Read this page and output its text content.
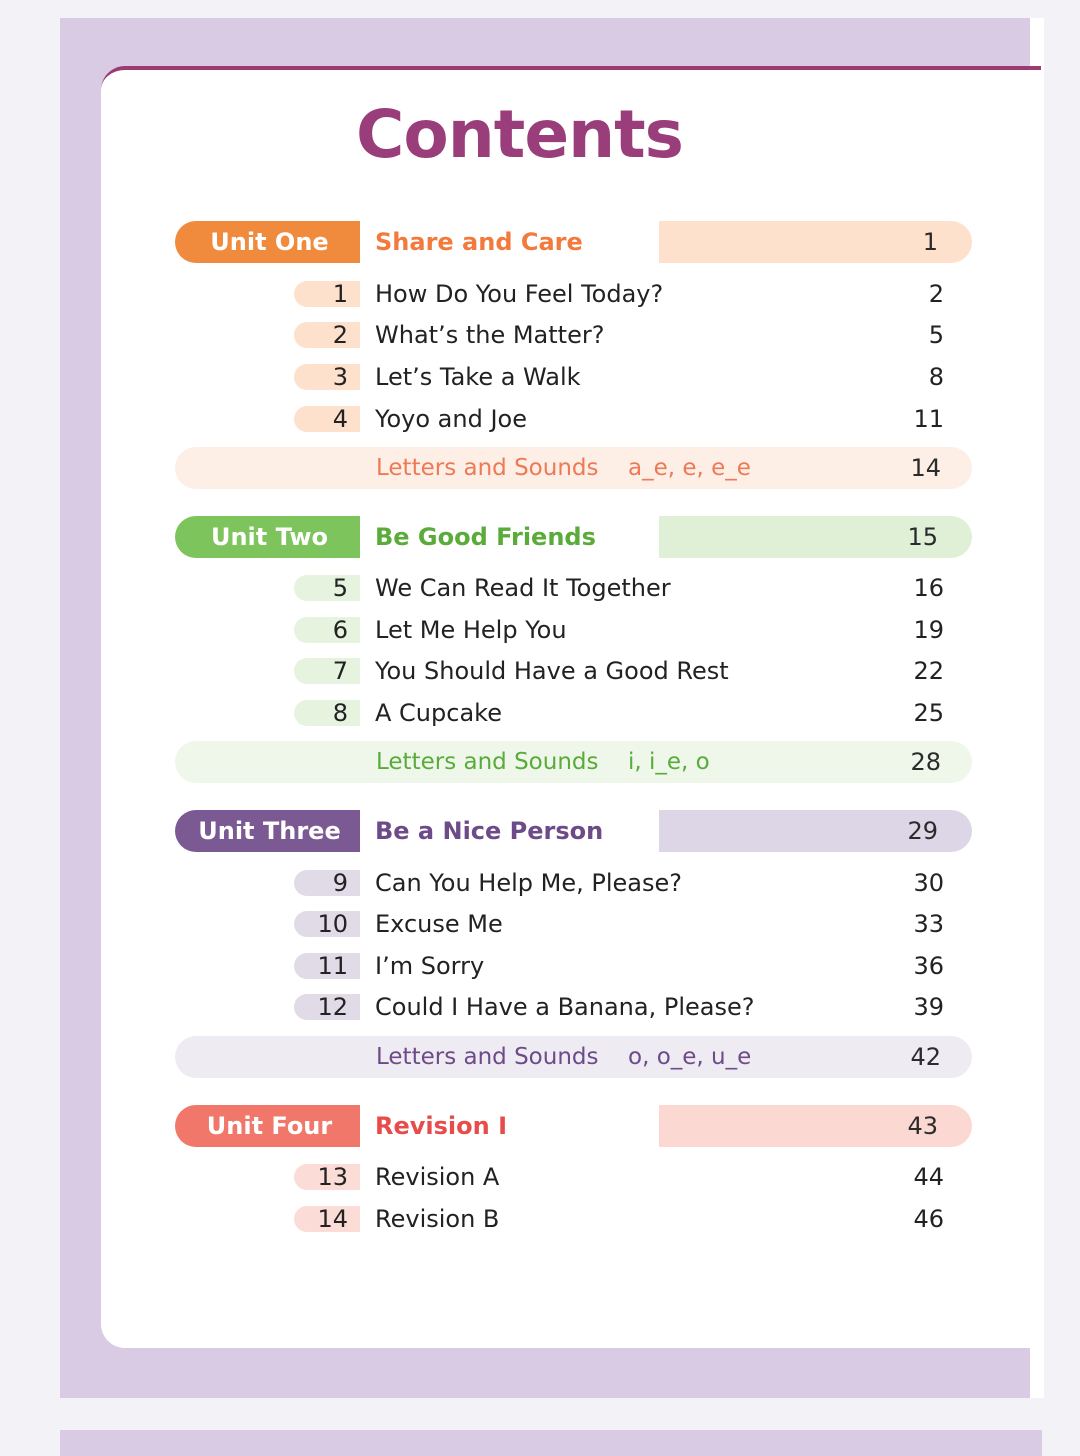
Contents
Unit One	Share and Care	1
1 How Do You Feel Today?	2
2 What’s the Matter?	5
3 Let’s Take a Walk	8
4 Yoyo and Joe	11
Letters and Sounds a_e, e, e_e	14
Unit Two	Be Good Friends	15
5 We Can Read It Together	16
6 Let Me Help You	19
7 You Should Have a Good Rest	22
8 A Cupcake	25
Letters and Sounds i, i_e, o	28
Unit Three	Be a Nice Person	29
9 Can You Help Me, Please?	30
10 Excuse Me	33
11 I’m Sorry	36
12 Could I Have a Banana, Please?	39
Letters and Sounds o, o_e, u_e	42
Unit Four	Revision I	43
13 Revision A	44
14 Revision B	46
